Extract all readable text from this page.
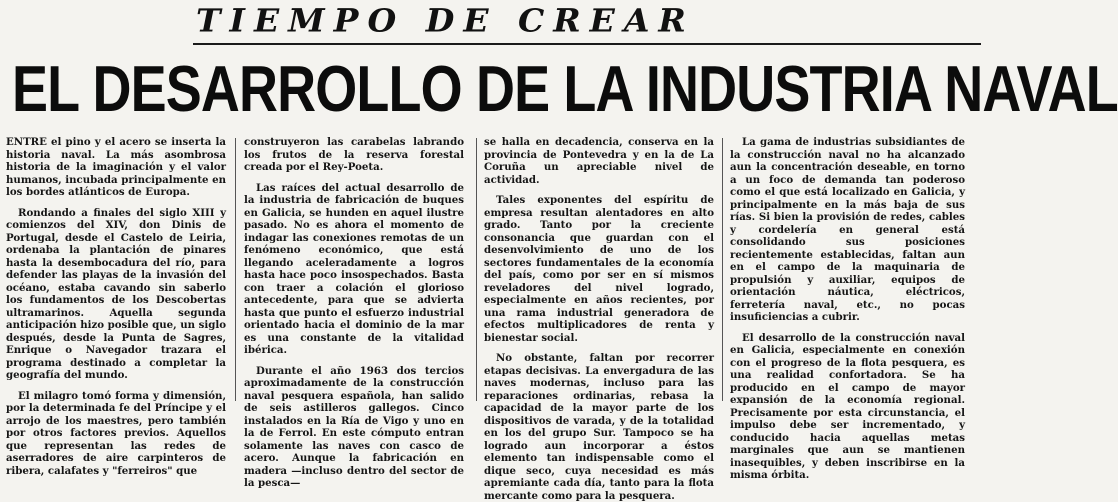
TIEMPO DE CREAR
EL DESARROLLO DE LA INDUSTRIA NAVAL

ENTRE el pino y el acero se inserta la historia naval. La más asombrosa historia de la imaginación y el valor humanos, incubada principalmente en los bordes atlánticos de Europa.

Rondando a finales del siglo XIII y comienzos del XIV, don Dinis de Portugal, desde el Castelo de Leiria, ordenaba la plantación de pinares hasta la desembocadura del río, para defender las playas de la invasión del océano, estaba cavando sin saberlo los fundamentos de los Descobertas ultramarinos. Aquella segunda anticipación hizo posible que, un siglo después, desde la Punta de Sagres, Enrique o Navegador trazara el programa destinado a completar la geografía del mundo.

El milagro tomó forma y dimensión, por la determinada fe del Príncipe y el arrojo de los maestres, pero también por otros factores previos. Aquellos que representan las redes de aserradores de aire carpinteros de ribera, calafates y "ferreiros" que

construyeron las carabelas labrando los frutos de la reserva forestal creada por el Rey-Poeta.

Las raíces del actual desarrollo de la industria de fabricación de buques en Galicia, se hunden en aquel ilustre pasado. No es ahora el momento de indagar las conexiones remotas de un fenómeno económico, que está llegando aceleradamente a logros hasta hace poco insospechados. Basta con traer a colación el glorioso antecedente, para que se advierta hasta que punto el esfuerzo industrial orientado hacia el dominio de la mar es una constante de la vitalidad ibérica.

Durante el año 1963 dos tercios aproximadamente de la construcción naval pesquera española, han salido de seis astilleros gallegos. Cinco instalados en la Ría de Vigo y uno en la de Ferrol. En este cómputo entran solamente las naves con casco de acero. Aunque la fabricación en madera —incluso dentro del sector de la pesca—

se halla en decadencia, conserva en la provincia de Pontevedra y en la de La Coruña un apreciable nivel de actividad.

Tales exponentes del espíritu de empresa resultan alentadores en alto grado. Tanto por la creciente consonancia que guardan con el desenvolvimiento de uno de los sectores fundamentales de la economía del país, como por ser en sí mismos reveladores del nivel logrado, especialmente en años recientes, por una rama industrial generadora de efectos multiplicadores de renta y bienestar social.

No obstante, faltan por recorrer etapas decisivas. La envergadura de las naves modernas, incluso para las reparaciones ordinarias, rebasa la capacidad de la mayor parte de los dispositivos de varada, y de la totalidad en los del grupo Sur. Tampoco se ha logrado aun incorporar a éstos elemento tan indispensable como el dique seco, cuya necesidad es más apremiante cada día, tanto para la flota mercante como para la pesquera.

La gama de industrias subsidiantes de la construcción naval no ha alcanzado aun la concentración deseable, en torno a un foco de demanda tan poderoso como el que está localizado en Galicia, y principalmente en la más baja de sus rías. Si bien la provisión de redes, cables y cordelería en general está consolidando sus posiciones recientemente establecidas, faltan aun en el campo de la maquinaria de propulsión y auxiliar, equipos de orientación náutica, eléctricos, ferretería naval, etc., no pocas insuficiencias a cubrir.

El desarrollo de la construcción naval en Galicia, especialmente en conexión con el progreso de la flota pesquera, es una realidad confortadora. Se ha producido en el campo de mayor expansión de la economía regional. Precisamente por esta circunstancia, el impulso debe ser incrementado, y conducido hacia aquellas metas marginales que aun se mantienen inasequibles, y deben inscribirse en la misma órbita.
